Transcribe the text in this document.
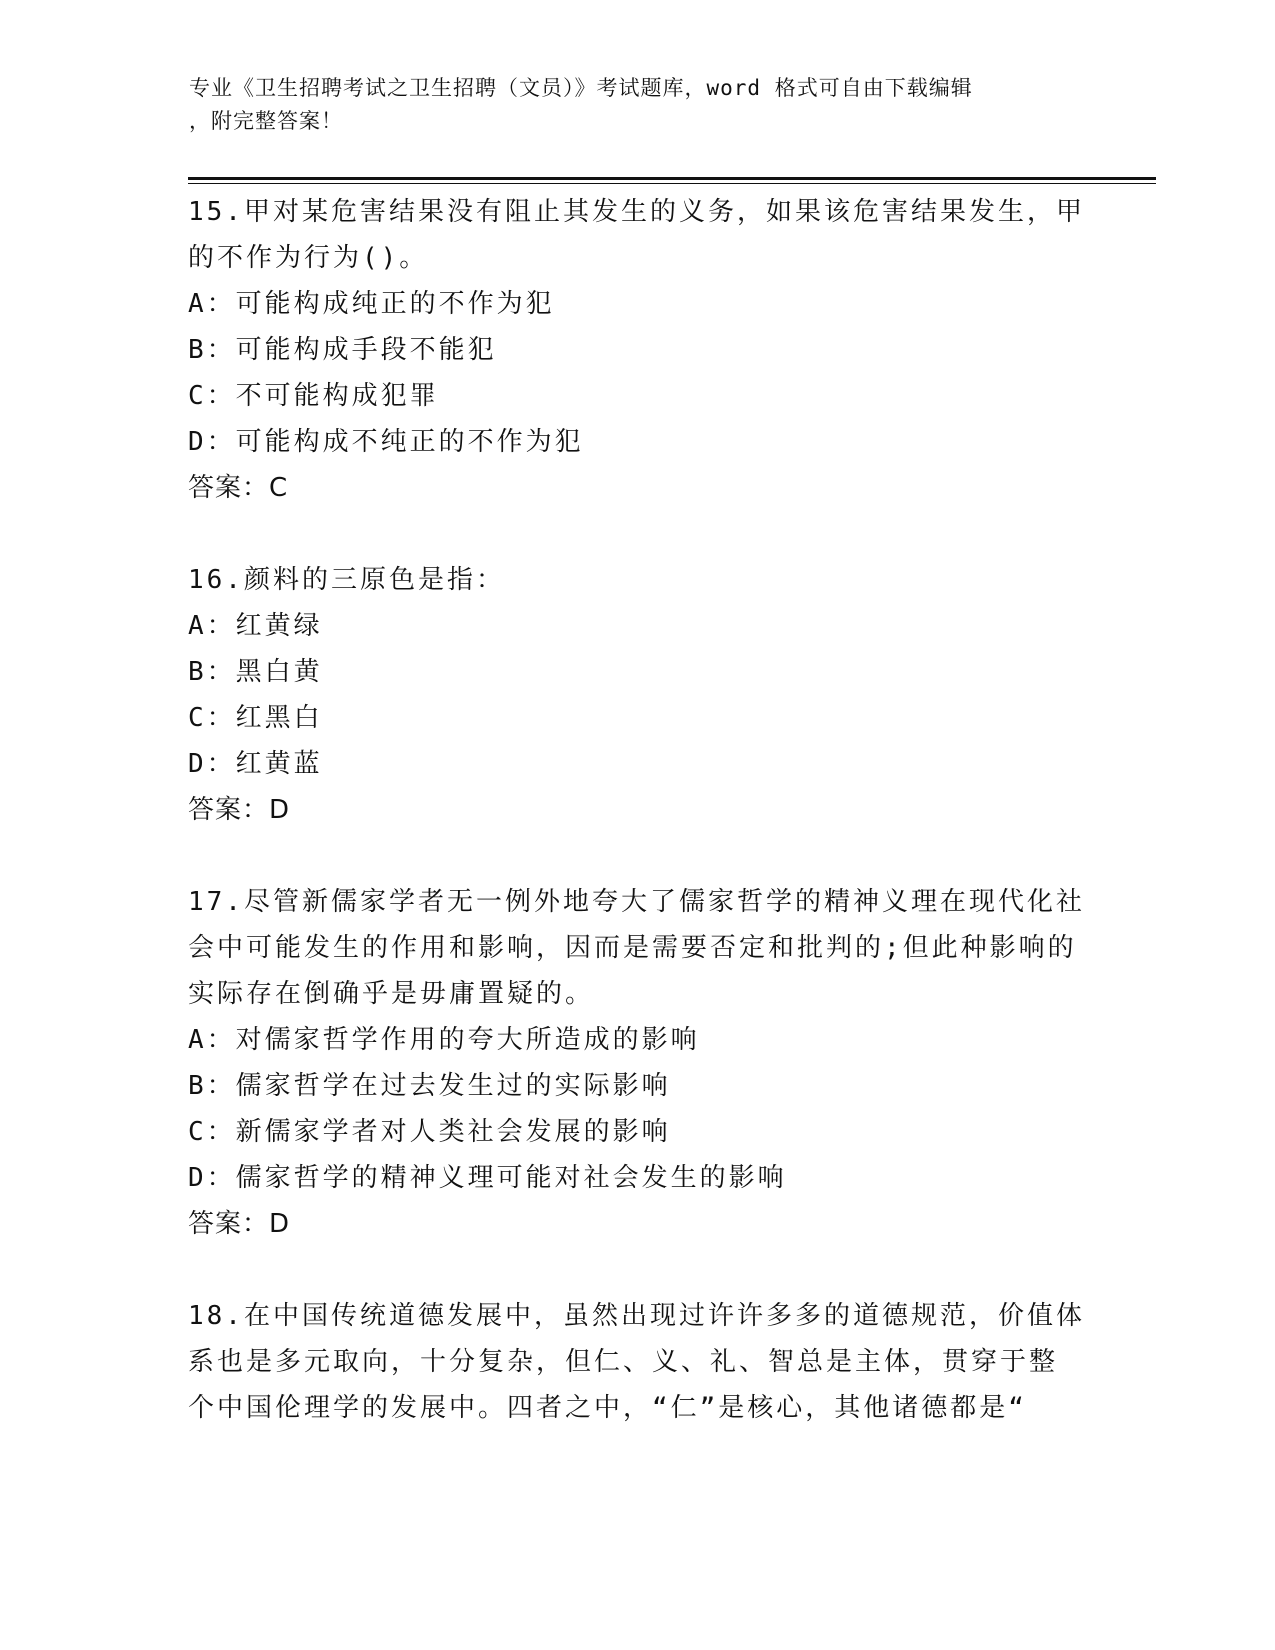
专业《卫生招聘考试之卫生招聘（文员）》考试题库，word 格式可自由下载编辑
，附完整答案！
15.甲对某危害结果没有阻止其发生的义务，如果该危害结果发生，甲
的不作为行为()。
A：可能构成纯正的不作为犯
B：可能构成手段不能犯
C：不可能构成犯罪
D：可能构成不纯正的不作为犯
答案：C
16.颜料的三原色是指：
A：红黄绿
B：黑白黄
C：红黑白
D：红黄蓝
答案：D
17.尽管新儒家学者无一例外地夸大了儒家哲学的精神义理在现代化社
会中可能发生的作用和影响，因而是需要否定和批判的;但此种影响的
实际存在倒确乎是毋庸置疑的。
A：对儒家哲学作用的夸大所造成的影响
B：儒家哲学在过去发生过的实际影响
C：新儒家学者对人类社会发展的影响
D：儒家哲学的精神义理可能对社会发生的影响
答案：D
18.在中国传统道德发展中，虽然出现过许许多多的道德规范，价值体
系也是多元取向，十分复杂，但仁、义、礼、智总是主体，贯穿于整
个中国伦理学的发展中。四者之中，“仁”是核心，其他诸德都是“
